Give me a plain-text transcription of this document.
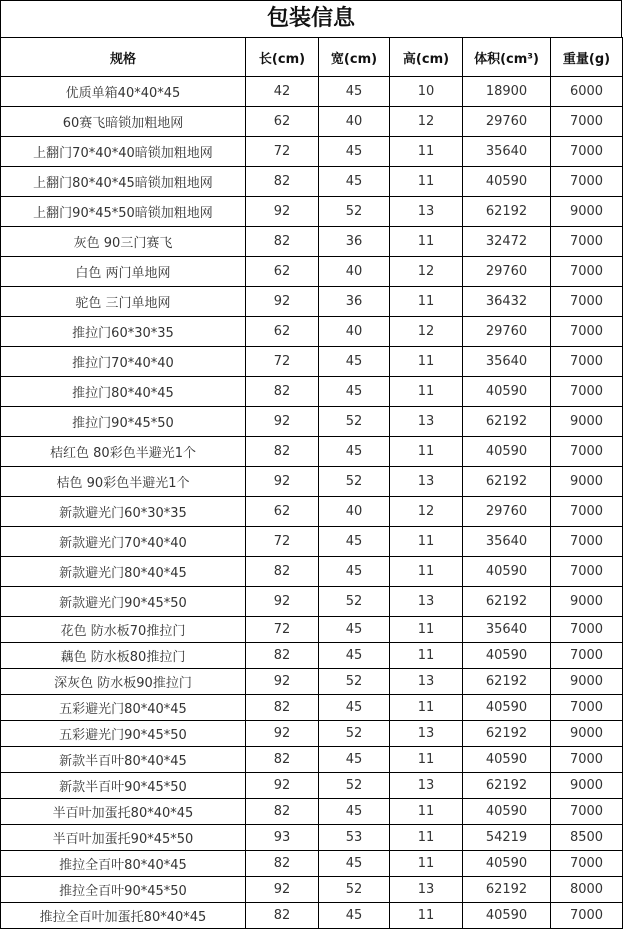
包装信息
规格	长(cm)	宽(cm)	高(cm)	体积(cm³)	重量(g)
优质单箱40*40*45	42	45	10	18900	6000
60赛飞暗锁加粗地网	62	40	12	29760	7000
上翻门70*40*40暗锁加粗地网	72	45	11	35640	7000
上翻门80*40*45暗锁加粗地网	82	45	11	40590	7000
上翻门90*45*50暗锁加粗地网	92	52	13	62192	9000
灰色 90三门赛飞	82	36	11	32472	7000
白色 两门单地网	62	40	12	29760	7000
驼色 三门单地网	92	36	11	36432	7000
推拉门60*30*35	62	40	12	29760	7000
推拉门70*40*40	72	45	11	35640	7000
推拉门80*40*45	82	45	11	40590	7000
推拉门90*45*50	92	52	13	62192	9000
桔红色 80彩色半避光1个	82	45	11	40590	7000
桔色 90彩色半避光1个	92	52	13	62192	9000
新款避光门60*30*35	62	40	12	29760	7000
新款避光门70*40*40	72	45	11	35640	7000
新款避光门80*40*45	82	45	11	40590	7000
新款避光门90*45*50	92	52	13	62192	9000
花色 防水板70推拉门	72	45	11	35640	7000
藕色 防水板80推拉门	82	45	11	40590	7000
深灰色 防水板90推拉门	92	52	13	62192	9000
五彩避光门80*40*45	82	45	11	40590	7000
五彩避光门90*45*50	92	52	13	62192	9000
新款半百叶80*40*45	82	45	11	40590	7000
新款半百叶90*45*50	92	52	13	62192	9000
半百叶加蛋托80*40*45	82	45	11	40590	7000
半百叶加蛋托90*45*50	93	53	11	54219	8500
推拉全百叶80*40*45	82	45	11	40590	7000
推拉全百叶90*45*50	92	52	13	62192	8000
推拉全百叶加蛋托80*40*45	82	45	11	40590	7000
